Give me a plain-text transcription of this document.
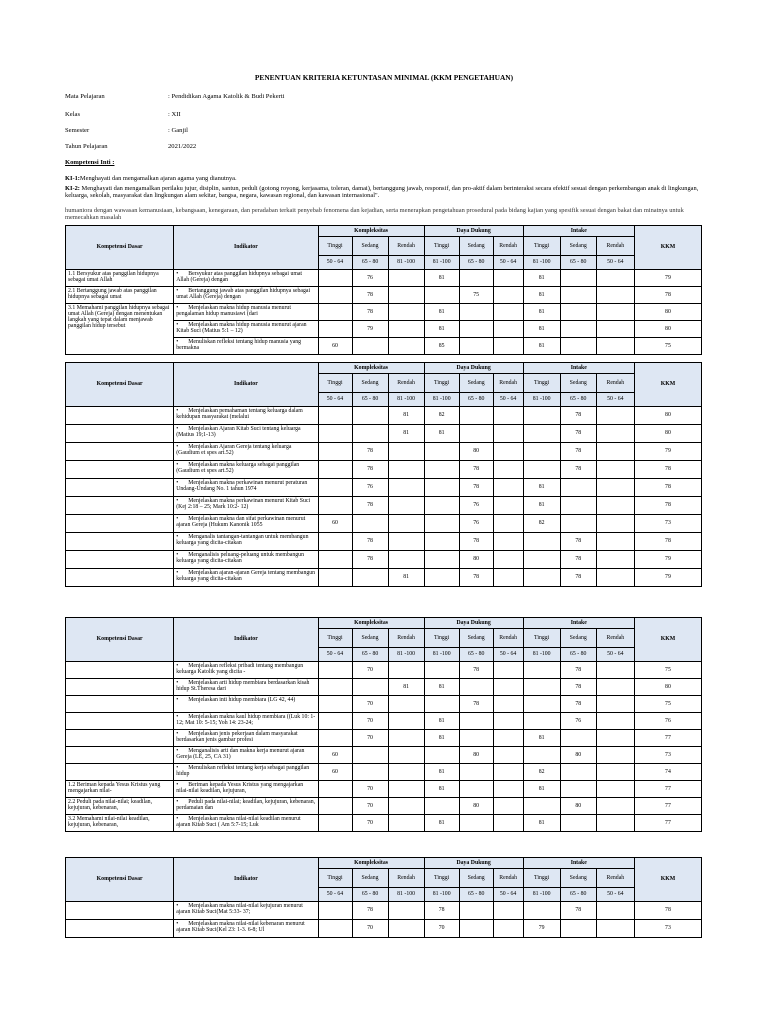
PENENTUAN KRITERIA KETUNTASAN MINIMAL (KKM PENGETAHUAN)
Mata Pelajaran	: Pendidikan Agama Katolik & Budi Pekerti
Kelas	: XII
Semester	: Ganjil
Tahun Pelajaran	2021/2022
Kompetensi Inti :
KI-1:Menghayati dan mengamalkan ajaran agama yang dianutnya.
KI-2: Menghayati dan mengamalkan perilaku jujur, disiplin, santun, peduli (gotong royong, kerjasama, toleran, damai), bertanggung jawab, responsif, dan pro-aktif dalam berinteraksi secara efektif sesuai dengan perkembangan anak di lingkungan, keluarga, sekolah, masyarakat dan lingkungan alam sekitar, bangsa, negara, kawasan regional, dan kawasan internasional".
humaniora dengan wawasan kemanusiaan, kebangsaan, kenegaraan, dan peradaban terkait penyebab fenomena dan kejadian, serta menerapkan pengetahuan prosedural pada bidang kajian yang spesifik sesuai dengan bakat dan minatnya untuk memecahkan masalah
Kompetensi Dasar	Indikator	Kompleksitas			Daya Dukung			Intake			KKM
		Tinggi	Sedang	Rendah	Tinggi	Sedang	Rendah	Tinggi	Sedang	Rendah	
		50 - 64	65 - 80	81 -100	81 -100	65 - 80	50 - 64	81 -100	65 - 80	50 - 64	
1.1 Bersyukur atas panggilan hidupnya sebagai umat Allah	• Bersyukur atas panggilan hidupnya sebagai umat Allah (Gereja) dengan		76		81			81			79
2.1 Bertanggung jawab atas panggilan hidupnya sebagai umat	• Bertanggung jawab atas panggilan hidupnya sebagai umat Allah (Gereja) dengan		78			75		81			78
3.1 Memahami panggilan hidupnya sebagai umat Allah (Gereja) dengan menentukan langkah yang tepat dalam menjawab panggilan hidup tersebut	• Menjelaskan makna hidup manusia menurut pengalaman hidup manusiawi (dari		78		81			81			80
	• Menjelaskan makna hidup manusia menurut ajaran Kitab Suci (Matius 5:1 – 12)		79		81			81			80
	• Menuliskan refleksi tentang hidup manusia yang bermakna	60			85			81			75
Kompetensi Dasar	Indikator	Kompleksitas			Daya Dukung			Intake			KKM
		Tinggi	Sedang	Rendah	Tinggi	Sedang	Rendah	Tinggi	Sedang	Rendah	
		50 - 64	65 - 80	81 -100	81 -100	65 - 80	50 - 64	81 -100	65 - 80	50 - 64	
	• Menjelaskan pemahaman tentang keluarga dalam kehidupan masyarakat (melalui			81	82				78		80
	• Menjelaskan Ajaran Kitab Suci tentang keluarga (Matius 19;1-13)			81	81				78		80
	• Menjelaskan Ajaran Gereja tentang keluarga (Gaudium et spes art.52)		78			80			78		79
	• Menjelaskan makna keluarga sebagai panggilan (Gaudium et spes art.52)		78			78			78		78
	• Menjelaskan makna perkawinan menurut peraturan Undang-Undang No. 1 tahun 1974		76			78		81			78
	• Menjelaskan makna perkawinan menurut Kitab Suci (Kej 2:18 – 25; Mark 10:2- 12)		78			76		81			78
	• Menjelaskan makna dan sifat perkawinan menurut ajaran Gereja (Hukum Kanonik 1055	60				76		82			73
	• Menganalis tantangan-tantangan untuk membangun keluarga yang dicita-citakan		78			78			78		78
	• Menganalisis peluang-peluang untuk membangun keluarga yang dicita-citakan		78			80			78		79
	• Menjelaskan ajaran-ajaran Gereja tentang membangun keluarga yang dicita-citakan			81		78			78		79
Kompetensi Dasar	Indikator	Kompleksitas			Daya Dukung			Intake			KKM
		Tinggi	Sedang	Rendah	Tinggi	Sedang	Rendah	Tinggi	Sedang	Rendah	
		50 - 64	65 - 80	81 -100	81 -100	65 - 80	50 - 64	81 -100	65 - 80	50 - 64	
	• Menjelaskan refleksi pribadi tentang membangun keluarga Katolik yang dicita -		70			78			78		75
	• Menjelaskan arti hidup membiara berdasarkan kisah hidup St.Theresa dari			81	81				78		80
	• Menjelaskan inti hidup membiara (LG 42, 44)		70			78			78		75
	• Menjelaskan makna kaul hidup membiara ((Luk 10: 1-12; Mat 10: 5-15; Yoh 14: 23-24;		70		81				76		76
	• Menjelaskan jenis pekerjaan dalam masyarakat berdasarkan jenis gambar profesi		70		81			81			77
	• Menganalisis arti dan makna kerja menurut ajaran Gereja (LE, 25, CA 31)	60				80			80		73
	• Menuliskan refleksi tentang kerja sebagai panggilan hidup	60			81			82			74
1.2 Beriman kepada Yesus Kristus yang mengajarkan nilai-	• Beriman kepada Yesus Kristus yang mengajarkan nilai-nilai keadilan, kejujuran,		70		81			81			77
2.2 Peduli pada nilai-nilai; keadilan, kejujuran, kebenaran,	• Peduli pada nilai-nilai; keadilan, kejujuran, kebenaran, perdamaian dan		70			80			80		77
3.2 Memahami nilai-nilai keadilan, kejujuran, kebenaran,	• Menjelaskan makna nilai-nilai keadilan menurut ajaran Kitab Suci ( Am 5:7-15; Luk		70		81			81			77
Kompetensi Dasar	Indikator	Kompleksitas			Daya Dukung			Intake			KKM
		Tinggi	Sedang	Rendah	Tinggi	Sedang	Rendah	Tinggi	Sedang	Rendah	
		50 - 64	65 - 80	81 -100	81 -100	65 - 80	50 - 64	81 -100	65 - 80	50 - 64	
	• Menjelaskan makna nilai-nilai kejujuran menurut ajaran Kitab Suci(Mat 5:33- 37;		78		78				78		78
	• Menjelaskan makna nilai-nilai kebenaran menurut ajaran Kitab Suci(Kel 23: 1-3. 6-8; Ul		70		70			79			73
